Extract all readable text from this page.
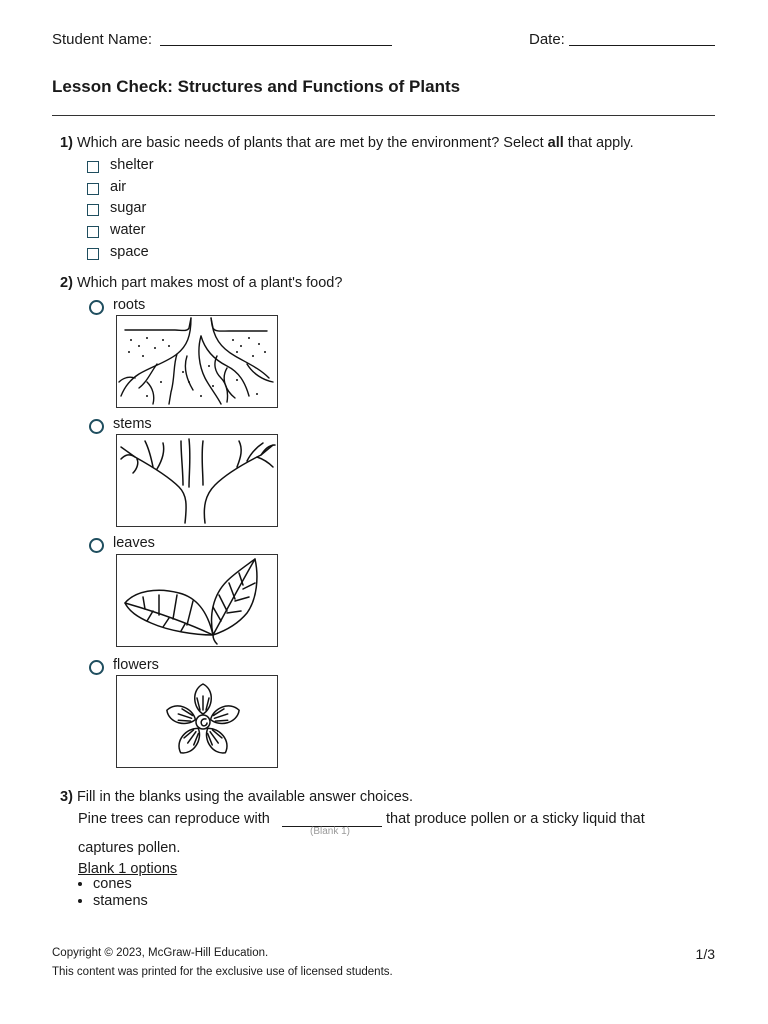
Student Name:	Date:
Lesson Check: Structures and Functions of Plants
1) Which are basic needs of plants that are met by the environment? Select all that apply.
shelter
air
sugar
water
space
2) Which part makes most of a plant's food?
roots
stems
leaves
flowers
3) Fill in the blanks using the available answer choices.
Pine trees can reproduce with
(Blank 1)
that produce pollen or a sticky liquid that
captures pollen.
Blank 1 options
• cones
• stamens
Copyright © 2023, McGraw-Hill Education.
This content was printed for the exclusive use of licensed students.
1/3
